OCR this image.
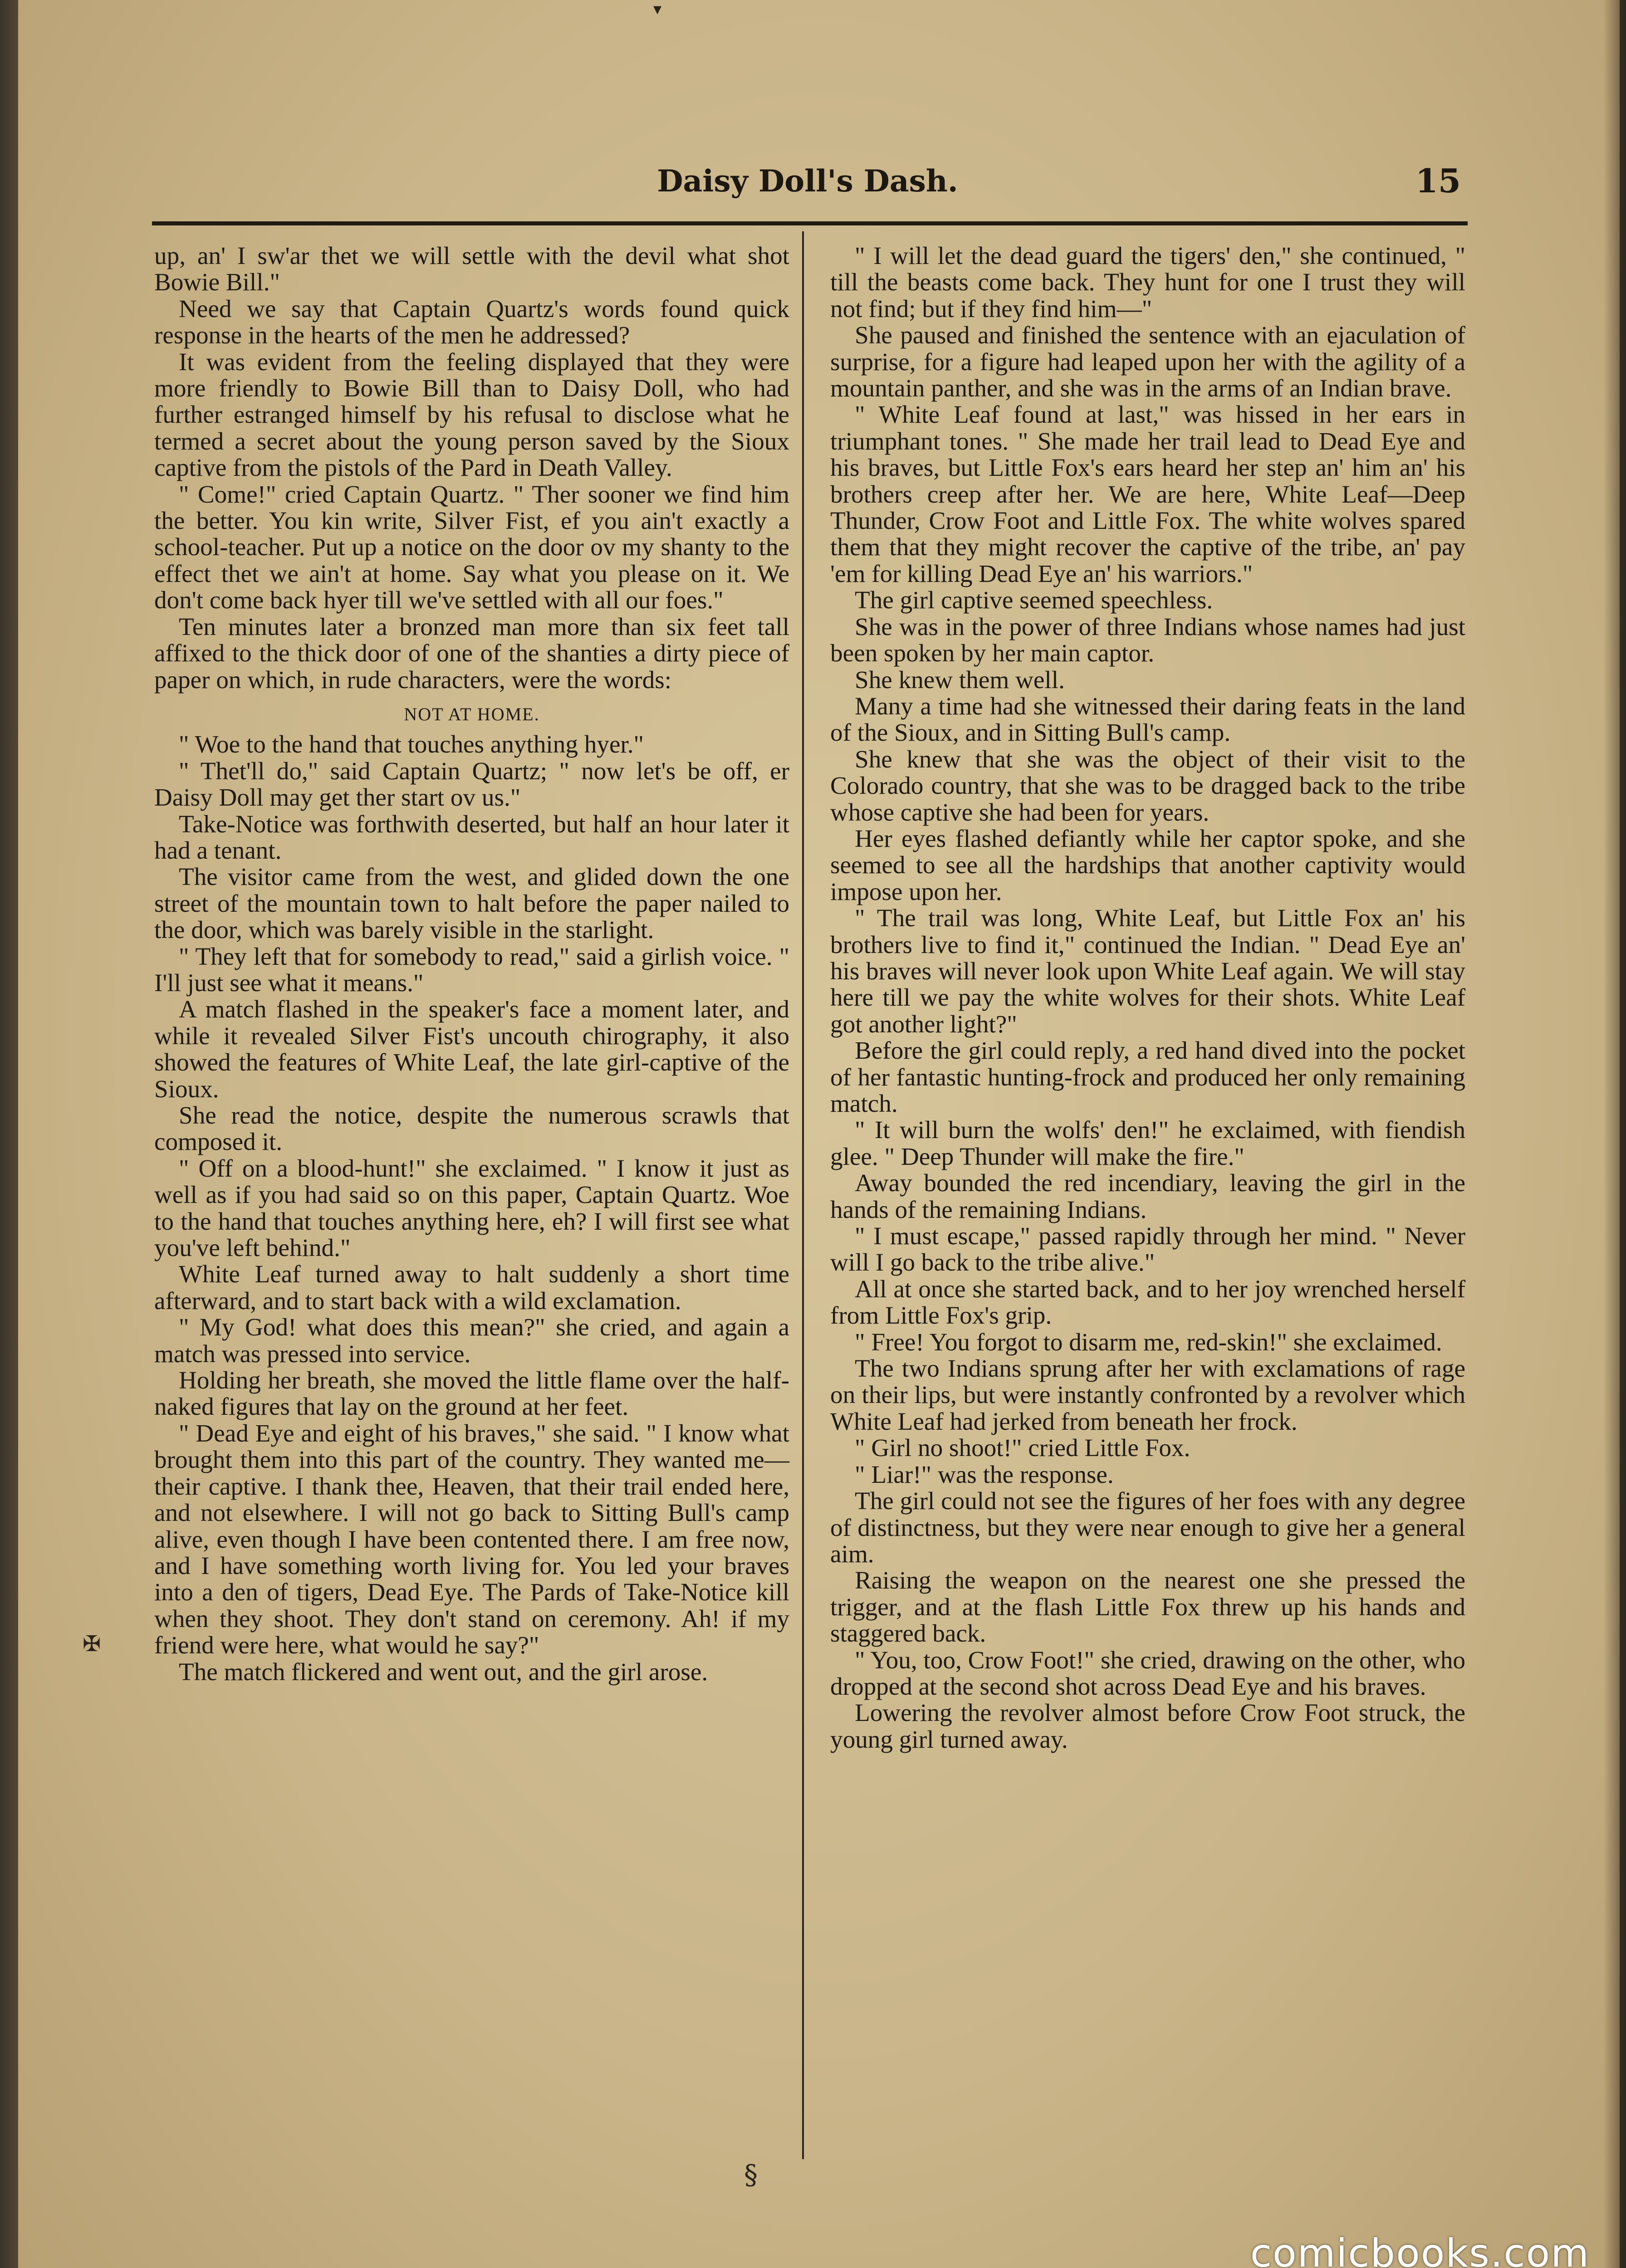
▾
Daisy Doll's Dash.	15

up, an' I sw'ar thet we will settle with the devil what shot Bowie Bill."

Need we say that Captain Quartz's words found quick response in the hearts of the men he addressed?

It was evident from the feeling displayed that they were more friendly to Bowie Bill than to Daisy Doll, who had further estranged himself by his refusal to disclose what he termed a secret about the young person saved by the Sioux captive from the pistols of the Pard in Death Valley.

" Come!" cried Captain Quartz. " Ther sooner we find him the better. You kin write, Silver Fist, ef you ain't exactly a school-teacher. Put up a notice on the door ov my shanty to the effect thet we ain't at home. Say what you please on it. We don't come back hyer till we've settled with all our foes."

Ten minutes later a bronzed man more than six feet tall affixed to the thick door of one of the shanties a dirty piece of paper on which, in rude characters, were the words:

NOT AT HOME.

" Woe to the hand that touches anything hyer."

" Thet'll do," said Captain Quartz; " now let's be off, er Daisy Doll may get ther start ov us."

Take-Notice was forthwith deserted, but half an hour later it had a tenant.

The visitor came from the west, and glided down the one street of the mountain town to halt before the paper nailed to the door, which was barely visible in the starlight.

" They left that for somebody to read," said a girlish voice. " I'll just see what it means."

A match flashed in the speaker's face a moment later, and while it revealed Silver Fist's uncouth chirography, it also showed the features of White Leaf, the late girl-captive of the Sioux.

She read the notice, despite the numerous scrawls that composed it.

" Off on a blood-hunt!" she exclaimed. " I know it just as well as if you had said so on this paper, Captain Quartz. Woe to the hand that touches anything here, eh? I will first see what you've left behind."

White Leaf turned away to halt suddenly a short time afterward, and to start back with a wild exclamation.

" My God! what does this mean?" she cried, and again a match was pressed into service.

Holding her breath, she moved the little flame over the half-naked figures that lay on the ground at her feet.

" Dead Eye and eight of his braves," she said. " I know what brought them into this part of the country. They wanted me—their captive. I thank thee, Heaven, that their trail ended here, and not elsewhere. I will not go back to Sitting Bull's camp alive, even though I have been contented there. I am free now, and I have something worth living for. You led your braves into a den of tigers, Dead Eye. The Pards of Take-Notice kill when they shoot. They don't stand on ceremony. Ah! if my friend were here, what would he say?"

The match flickered and went out, and the girl arose.

" I will let the dead guard the tigers' den," she continued, " till the beasts come back. They hunt for one I trust they will not find; but if they find him—"

She paused and finished the sentence with an ejaculation of surprise, for a figure had leaped upon her with the agility of a mountain panther, and she was in the arms of an Indian brave.

" White Leaf found at last," was hissed in her ears in triumphant tones. " She made her trail lead to Dead Eye and his braves, but Little Fox's ears heard her step an' him an' his brothers creep after her. We are here, White Leaf—Deep Thunder, Crow Foot and Little Fox. The white wolves spared them that they might recover the captive of the tribe, an' pay 'em for killing Dead Eye an' his warriors."

The girl captive seemed speechless.

She was in the power of three Indians whose names had just been spoken by her main captor.

She knew them well.

Many a time had she witnessed their daring feats in the land of the Sioux, and in Sitting Bull's camp.

She knew that she was the object of their visit to the Colorado country, that she was to be dragged back to the tribe whose captive she had been for years.

Her eyes flashed defiantly while her captor spoke, and she seemed to see all the hardships that another captivity would impose upon her.

" The trail was long, White Leaf, but Little Fox an' his brothers live to find it," continued the Indian. " Dead Eye an' his braves will never look upon White Leaf again. We will stay here till we pay the white wolves for their shots. White Leaf got another light?"

Before the girl could reply, a red hand dived into the pocket of her fantastic hunting-frock and produced her only remaining match.

" It will burn the wolfs' den!" he exclaimed, with fiendish glee. " Deep Thunder will make the fire."

Away bounded the red incendiary, leaving the girl in the hands of the remaining Indians.

" I must escape," passed rapidly through her mind. " Never will I go back to the tribe alive."

All at once she started back, and to her joy wrenched herself from Little Fox's grip.

" Free! You forgot to disarm me, red-skin!" she exclaimed.

The two Indians sprung after her with exclamations of rage on their lips, but were instantly confronted by a revolver which White Leaf had jerked from beneath her frock.

" Girl no shoot!" cried Little Fox.

" Liar!" was the response.

The girl could not see the figures of her foes with any degree of distinctness, but they were near enough to give her a general aim.

Raising the weapon on the nearest one she pressed the trigger, and at the flash Little Fox threw up his hands and staggered back.

" You, too, Crow Foot!" she cried, drawing on the other, who dropped at the second shot across Dead Eye and his braves.

Lowering the revolver almost before Crow Foot struck, the young girl turned away.

✠
§
comicbooks.com
